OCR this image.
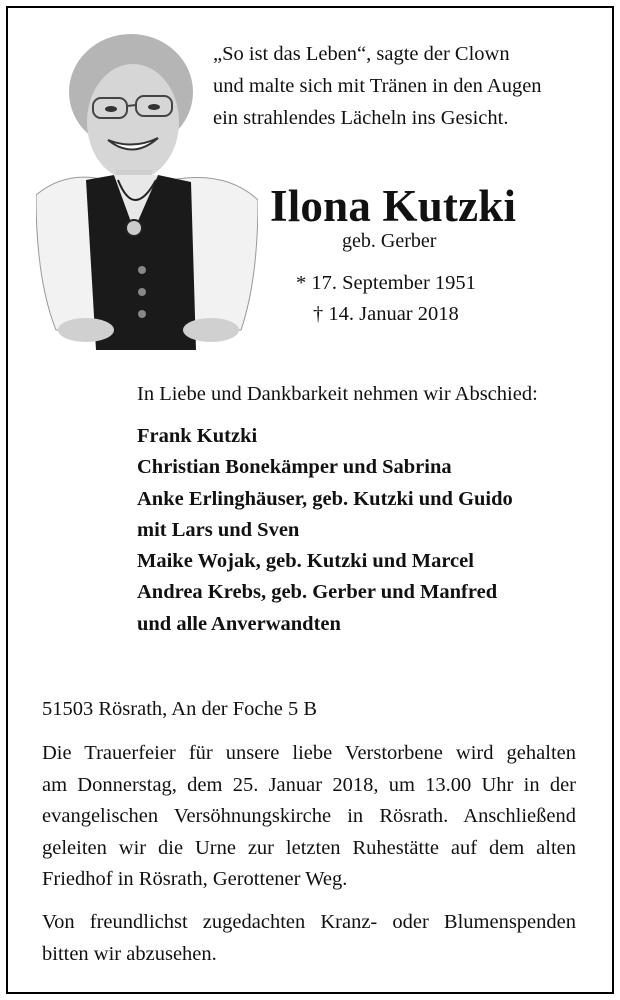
„So ist das Leben“, sagte der Clown
und malte sich mit Tränen in den Augen
ein strahlendes Lächeln ins Gesicht.
Ilona Kutzki
geb. Gerber
* 17. September 1951
† 14. Januar 2018
In Liebe und Dankbarkeit nehmen wir Abschied:
Frank Kutzki
Christian Bonekämper und Sabrina
Anke Erlinghäuser, geb. Kutzki und Guido
mit Lars und Sven
Maike Wojak, geb. Kutzki und Marcel
Andrea Krebs, geb. Gerber und Manfred
und alle Anverwandten
51503 Rösrath, An der Foche 5 B
Die Trauerfeier für unsere liebe Verstorbene wird gehalten
am Donnerstag, dem 25. Januar 2018, um 13.00 Uhr in der
evangelischen Versöhnungskirche in Rösrath. Anschließend
geleiten wir die Urne zur letzten Ruhestätte auf dem alten
Friedhof in Rösrath, Gerottener Weg.
Von freundlichst zugedachten Kranz- oder Blumenspenden
bitten wir abzusehen.
